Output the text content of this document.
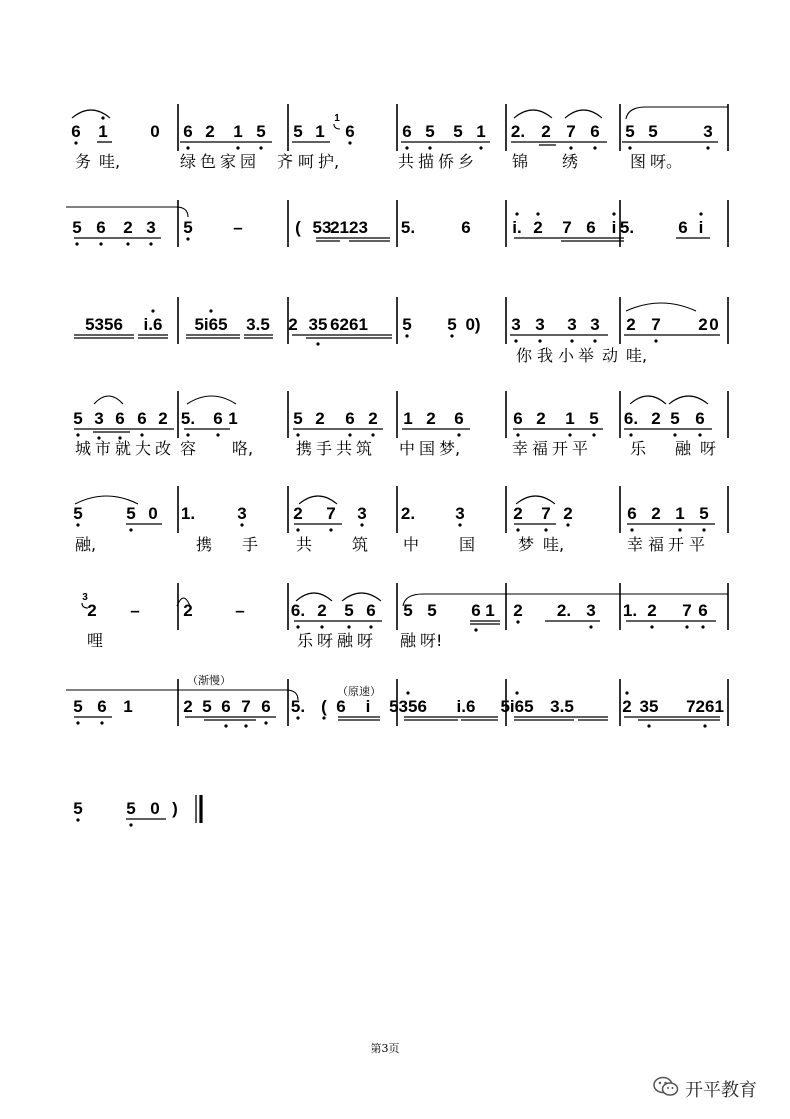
6 1	0 6 2 1 5 5 1 6	6 5 5 1 2. 2 7 6 5 5	3
1
务 哇,	绿 色 家 园 齐 呵 护,	共 描 侨 乡 锦 绣	图 呀。
5 6 2 3 5 –	( 53
2123 5.	6 i. 2 7 6 i 5.	6 i
5356 i.6 5i65 3.5 2 35 6261 5 5 0) 3 3 3 3 2 7 2 0
你 我 小 举 动 哇,
5 3 6 6 2 5. 6 1	5 2 6 2 1 2 6	6 2 1 5 6. 2 5 6
城 市 就 大 改 容 咯,	携 手 共 筑 中 国 梦,	幸 福 开 平	乐 融 呀
5	5 0 1. 3	2 7 3 2. 3	2 7 2	6 2 1 5
融,	携 手 共 筑 中 国	梦 哇,	幸 福 开 平
2 –	2	–	6. 2 5 6 5 5 6 1 2 2. 3 1. 2 7 6
3
哩	乐 呀 融 呀 融 呀!
5 6 1	2 5 6 7 6 5. ( 6 i 5356 i.6 5i65 3.5	2 35 7261
（渐慢）
（原速）
5	5 0 )
第3页
开平教育
